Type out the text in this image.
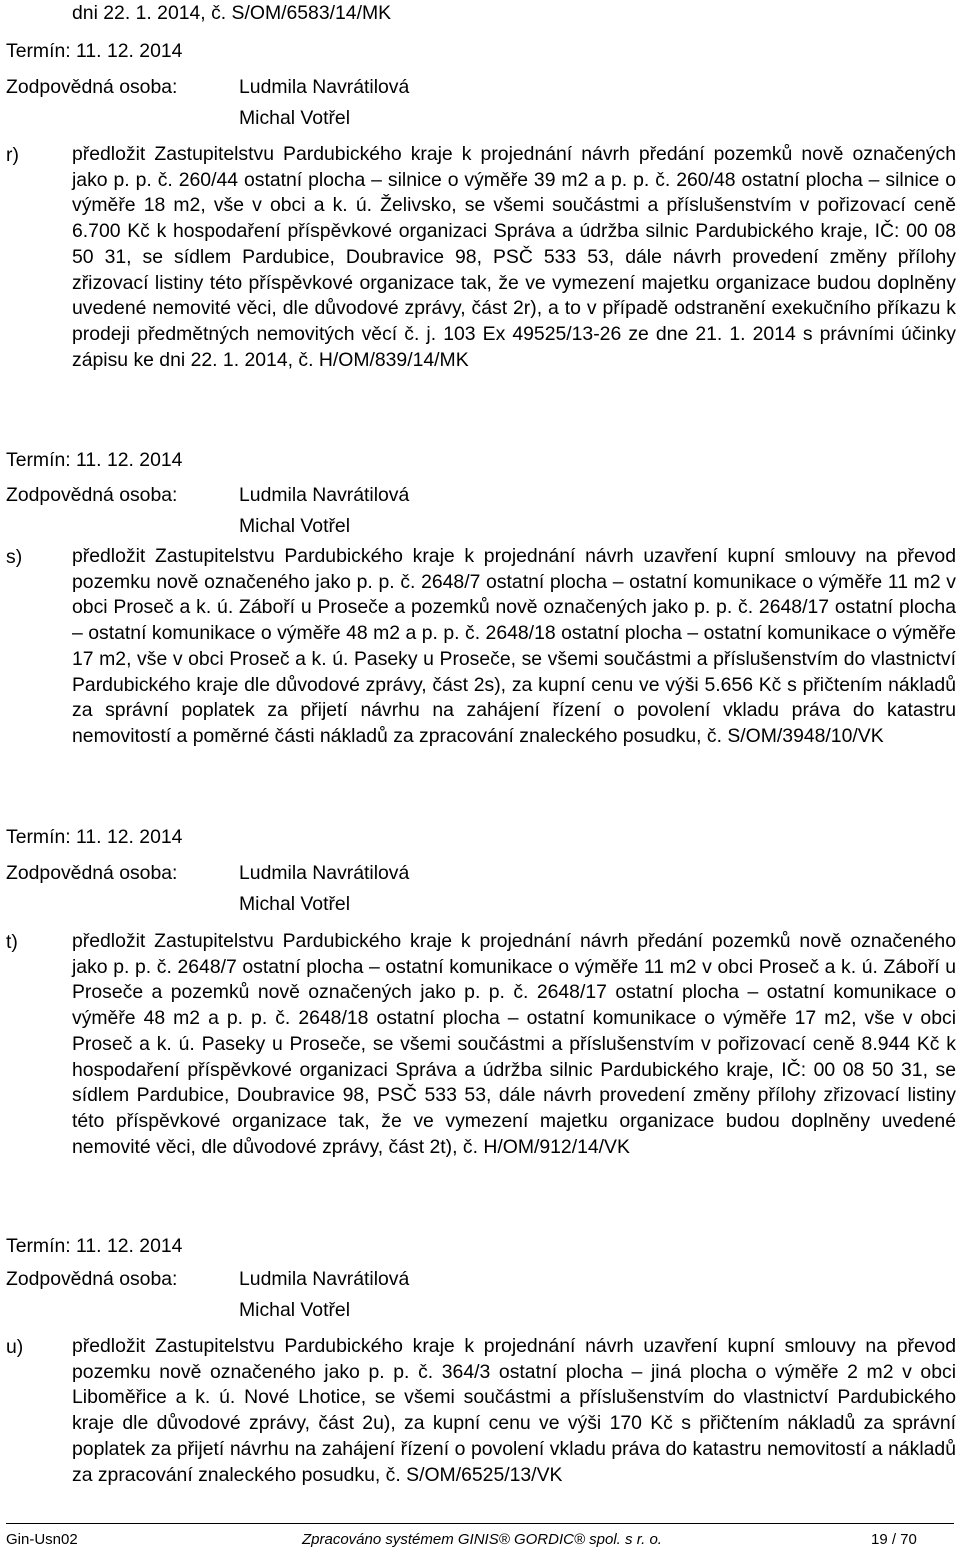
dni 22. 1. 2014, č. S/OM/6583/14/MK
Termín: 11. 12. 2014
Zodpovědná osoba:	Ludmila Navrátilová
Michal Votřel
r)	předložit Zastupitelstvu Pardubického kraje k projednání návrh předání pozemků nově označených jako p. p. č. 260/44 ostatní plocha – silnice o výměře 39 m2 a p. p. č. 260/48 ostatní plocha – silnice o výměře 18 m2, vše v obci a k. ú. Želivsko, se všemi součástmi a příslušenstvím v pořizovací ceně 6.700 Kč k hospodaření příspěvkové organizaci Správa a údržba silnic Pardubického kraje, IČ: 00 08 50 31, se sídlem Pardubice, Doubravice 98, PSČ 533 53, dále návrh provedení změny přílohy zřizovací listiny této příspěvkové organizace tak, že ve vymezení majetku organizace budou doplněny uvedené nemovité věci, dle důvodové zprávy, část 2r), a to v případě odstranění exekučního příkazu k prodeji předmětných nemovitých věcí č. j. 103 Ex 49525/13-26 ze dne 21. 1. 2014 s právními účinky zápisu ke dni 22. 1. 2014, č. H/OM/839/14/MK
Termín: 11. 12. 2014
Zodpovědná osoba:	Ludmila Navrátilová
Michal Votřel
s)	předložit Zastupitelstvu Pardubického kraje k projednání návrh uzavření kupní smlouvy na převod pozemku nově označeného jako p. p. č. 2648/7 ostatní plocha – ostatní komunikace o výměře 11 m2 v obci Proseč a k. ú. Záboří u Proseče a pozemků nově označených jako p. p. č. 2648/17 ostatní plocha – ostatní komunikace o výměře 48 m2 a p. p. č. 2648/18 ostatní plocha – ostatní komunikace o výměře 17 m2, vše v obci Proseč a k. ú. Paseky u Proseče, se všemi součástmi a příslušenstvím do vlastnictví Pardubického kraje dle důvodové zprávy, část 2s), za kupní cenu ve výši 5.656 Kč s přičtením nákladů za správní poplatek za přijetí návrhu na zahájení řízení o povolení vkladu práva do katastru nemovitostí a poměrné části nákladů za zpracování znaleckého posudku, č. S/OM/3948/10/VK
Termín: 11. 12. 2014
Zodpovědná osoba:	Ludmila Navrátilová
Michal Votřel
t)	předložit Zastupitelstvu Pardubického kraje k projednání návrh předání pozemků nově označeného jako p. p. č. 2648/7 ostatní plocha – ostatní komunikace o výměře 11 m2 v obci Proseč a k. ú. Záboří u Proseče a pozemků nově označených jako p. p. č. 2648/17 ostatní plocha – ostatní komunikace o výměře 48 m2 a p. p. č. 2648/18 ostatní plocha – ostatní komunikace o výměře 17 m2, vše v obci Proseč a k. ú. Paseky u Proseče, se všemi součástmi a příslušenstvím v pořizovací ceně 8.944 Kč k hospodaření příspěvkové organizaci Správa a údržba silnic Pardubického kraje, IČ: 00 08 50 31, se sídlem Pardubice, Doubravice 98, PSČ 533 53, dále návrh provedení změny přílohy zřizovací listiny této příspěvkové organizace tak, že ve vymezení majetku organizace budou doplněny uvedené nemovité věci, dle důvodové zprávy, část 2t), č. H/OM/912/14/VK
Termín: 11. 12. 2014
Zodpovědná osoba:	Ludmila Navrátilová
Michal Votřel
u)	předložit Zastupitelstvu Pardubického kraje k projednání návrh uzavření kupní smlouvy na převod pozemku nově označeného jako p. p. č. 364/3 ostatní plocha – jiná plocha o výměře 2 m2 v obci Liboměřice a k. ú. Nové Lhotice, se všemi součástmi a příslušenstvím do vlastnictví Pardubického kraje dle důvodové zprávy, část 2u), za kupní cenu ve výši 170 Kč s přičtením nákladů za správní poplatek za přijetí návrhu na zahájení řízení o povolení vkladu práva do katastru nemovitostí a nákladů za zpracování znaleckého posudku, č. S/OM/6525/13/VK
Gin-Usn02	Zpracováno systémem GINIS® GORDIC® spol. s r. o.	19 / 70
